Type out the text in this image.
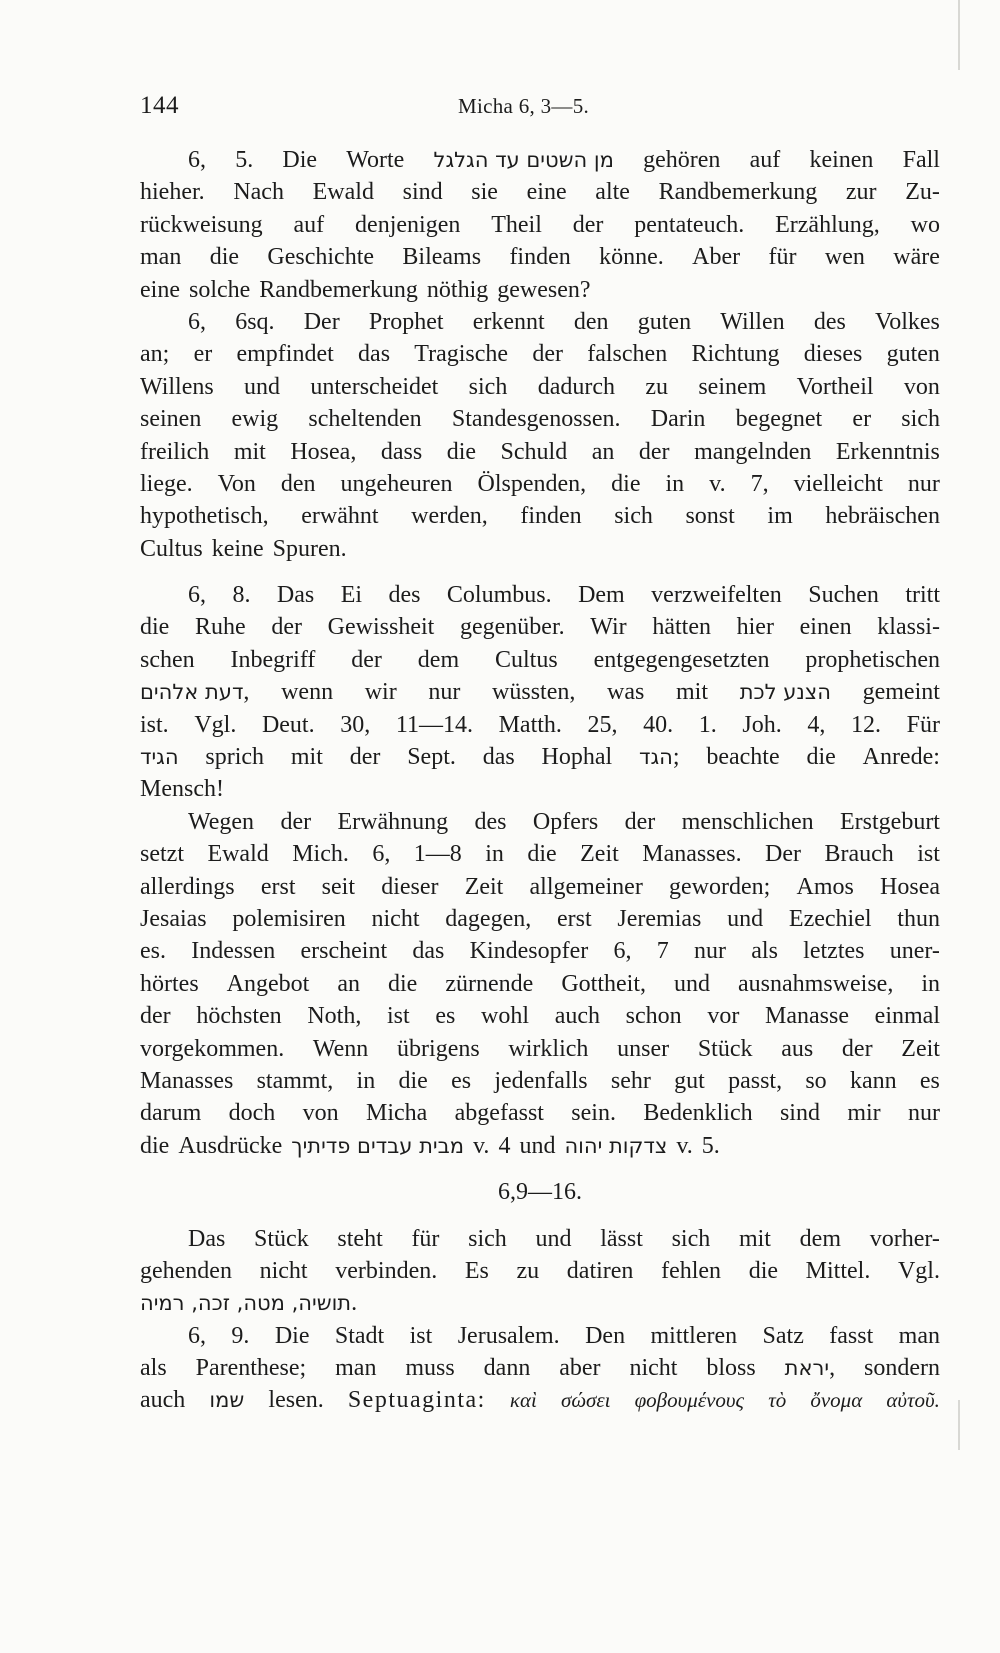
144	Micha 6, 3—5.
6, 5. Die Worte מן השטים עד הגלגל gehören auf keinen Fall
hieher. Nach Ewald sind sie eine alte Randbemerkung zur Zu-
rückweisung auf denjenigen Theil der pentateuch. Erzählung, wo
man die Geschichte Bileams finden könne. Aber für wen wäre
eine solche Randbemerkung nöthig gewesen?
6, 6sq. Der Prophet erkennt den guten Willen des Volkes
an; er empfindet das Tragische der falschen Richtung dieses guten
Willens und unterscheidet sich dadurch zu seinem Vortheil von
seinen ewig scheltenden Standesgenossen. Darin begegnet er sich
freilich mit Hosea, dass die Schuld an der mangelnden Erkenntnis
liege. Von den ungeheuren Ölspenden, die in v. 7, vielleicht nur
hypothetisch, erwähnt werden, finden sich sonst im hebräischen
Cultus keine Spuren.
6, 8. Das Ei des Columbus. Dem verzweifelten Suchen tritt
die Ruhe der Gewissheit gegenüber. Wir hätten hier einen klassi-
schen Inbegriff der dem Cultus entgegengesetzten prophetischen
דעת אלהים, wenn wir nur wüssten, was mit הצנע לכת gemeint
ist. Vgl. Deut. 30, 11—14. Matth. 25, 40. 1. Joh. 4, 12. Für
הגיד sprich mit der Sept. das Hophal הגד; beachte die Anrede:
Mensch!
Wegen der Erwähnung des Opfers der menschlichen Erstgeburt
setzt Ewald Mich. 6, 1—8 in die Zeit Manasses. Der Brauch ist
allerdings erst seit dieser Zeit allgemeiner geworden; Amos Hosea
Jesaias polemisiren nicht dagegen, erst Jeremias und Ezechiel thun
es. Indessen erscheint das Kindesopfer 6, 7 nur als letztes uner-
hörtes Angebot an die zürnende Gottheit, und ausnahmsweise, in
der höchsten Noth, ist es wohl auch schon vor Manasse einmal
vorgekommen. Wenn übrigens wirklich unser Stück aus der Zeit
Manasses stammt, in die es jedenfalls sehr gut passt, so kann es
darum doch von Micha abgefasst sein. Bedenklich sind mir nur
die Ausdrücke מבית עבדים פדיתיך v. 4 und צדקות יהוה v. 5.
6, 9—16.
Das Stück steht für sich und lässt sich mit dem vorher-
gehenden nicht verbinden. Es zu datiren fehlen die Mittel. Vgl.
תושיה, מטה, זכה, רמיה.
6, 9. Die Stadt ist Jerusalem. Den mittleren Satz fasst man
als Parenthese; man muss dann aber nicht bloss יראת, sondern
auch שמו lesen. Septuaginta: καὶ σώσει φοβουμένους τὸ ὄνομα αὐτοῦ.
